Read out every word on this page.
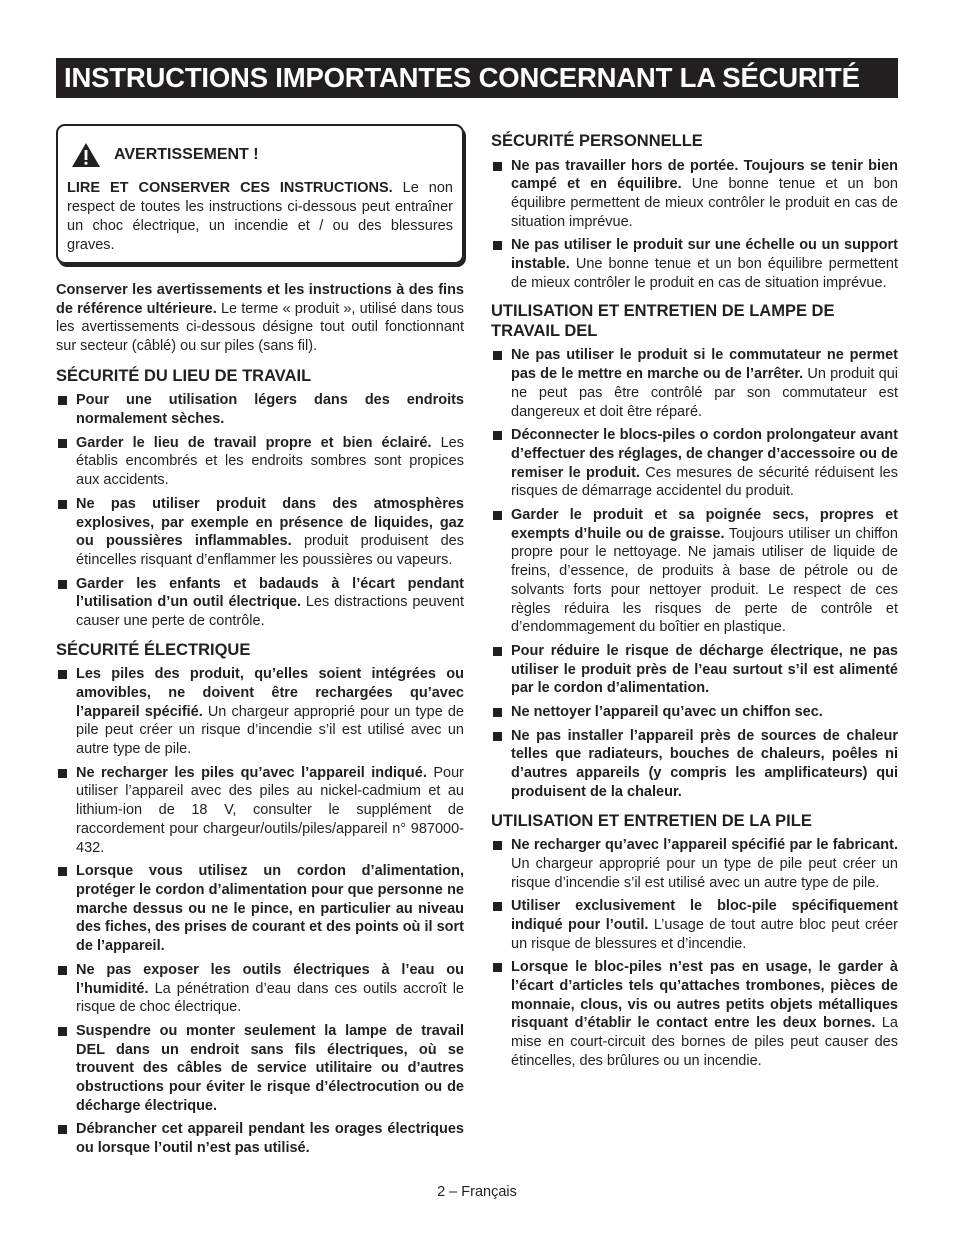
INSTRUCTIONS IMPORTANTES CONCERNANT LA SÉCURITÉ
AVERTISSEMENT !
LIRE ET CONSERVER CES INSTRUCTIONS. Le non respect de toutes les instructions ci-dessous peut entraîner un choc électrique, un incendie et / ou des blessures graves.

Conserver les avertissements et les instructions à des fins de référence ultérieure. Le terme « produit », utilisé dans tous les avertissements ci-dessous désigne tout outil fonctionnant sur secteur (câblé) ou sur piles (sans fil).

SÉCURITÉ DU LIEU DE TRAVAIL
Pour une utilisation légers dans des endroits normalement sèches.
Garder le lieu de travail propre et bien éclairé. Les établis encombrés et les endroits sombres sont propices aux accidents.
Ne pas utiliser produit dans des atmosphères explosives, par exemple en présence de liquides, gaz ou poussières inflammables. produit produisent des étincelles risquant d’enflammer les poussières ou vapeurs.
Garder les enfants et badauds à l’écart pendant l’utilisation d’un outil électrique. Les distractions peuvent causer une perte de contrôle.
SÉCURITÉ ÉLECTRIQUE
Les piles des produit, qu’elles soient intégrées ou amovibles, ne doivent être rechargées qu’avec l’appareil spécifié. Un chargeur approprié pour un type de pile peut créer un risque d’incendie s’il est utilisé avec un autre type de pile.
Ne recharger les piles qu’avec l’appareil indiqué. Pour utiliser l’appareil avec des piles au nickel-cadmium et au lithium-ion de 18 V, consulter le supplément de raccordement pour chargeur/outils/piles/appareil n° 987000-432.
Lorsque vous utilisez un cordon d’alimentation, protéger le cordon d’alimentation pour que personne ne marche dessus ou ne le pince, en particulier au niveau des fiches, des prises de courant et des points où il sort de l’appareil.
Ne pas exposer les outils électriques à l’eau ou l’humidité. La pénétration d’eau dans ces outils accroît le risque de choc électrique.
Suspendre ou monter seulement la lampe de travail DEL dans un endroit sans fils électriques, où se trouvent des câbles de service utilitaire ou d’autres obstructions pour éviter le risque d’électrocution ou de décharge électrique.
Débrancher cet appareil pendant les orages électriques ou lorsque l’outil n’est pas utilisé.
SÉCURITÉ PERSONNELLE
Ne pas travailler hors de portée. Toujours se tenir bien campé et en équilibre. Une bonne tenue et un bon équilibre permettent de mieux contrôler le produit en cas de situation imprévue.
Ne pas utiliser le produit sur une échelle ou un support instable. Une bonne tenue et un bon équilibre permettent de mieux contrôler le produit en cas de situation imprévue.
UTILISATION ET ENTRETIEN DE LAMPE DE TRAVAIL DEL
Ne pas utiliser le produit si le commutateur ne permet pas de le mettre en marche ou de l’arrêter. Un produit qui ne peut pas être contrôlé par son commutateur est dangereux et doit être réparé.
Déconnecter le blocs-piles o cordon prolongateur avant d’effectuer des réglages, de changer d’accessoire ou de remiser le produit. Ces mesures de sécurité réduisent les risques de démarrage accidentel du produit.
Garder le produit et sa poignée secs, propres et exempts d’huile ou de graisse. Toujours utiliser un chiffon propre pour le nettoyage. Ne jamais utiliser de liquide de freins, d’essence, de produits à base de pétrole ou de solvants forts pour nettoyer produit. Le respect de ces règles réduira les risques de perte de contrôle et d’endommagement du boîtier en plastique.
Pour réduire le risque de décharge électrique, ne pas utiliser le produit près de l’eau surtout s’il est alimenté par le cordon d’alimentation.
Ne nettoyer l’appareil qu’avec un chiffon sec.
Ne pas installer l’appareil près de sources de chaleur telles que radiateurs, bouches de chaleurs, poêles ni d’autres appareils (y compris les amplificateurs) qui produisent de la chaleur.
UTILISATION ET ENTRETIEN DE LA PILE
Ne recharger qu’avec l’appareil spécifié par le fabricant. Un chargeur approprié pour un type de pile peut créer un risque d’incendie s’il est utilisé avec un autre type de pile.
Utiliser exclusivement le bloc-pile spécifiquement indiqué pour l’outil. L’usage de tout autre bloc peut créer un risque de blessures et d’incendie.
Lorsque le bloc-piles n’est pas en usage, le garder à l’écart d’articles tels qu’attaches trombones, pièces de monnaie, clous, vis ou autres petits objets métalliques risquant d’établir le contact entre les deux bornes. La mise en court-circuit des bornes de piles peut causer des étincelles, des brûlures ou un incendie.
2 – Français
